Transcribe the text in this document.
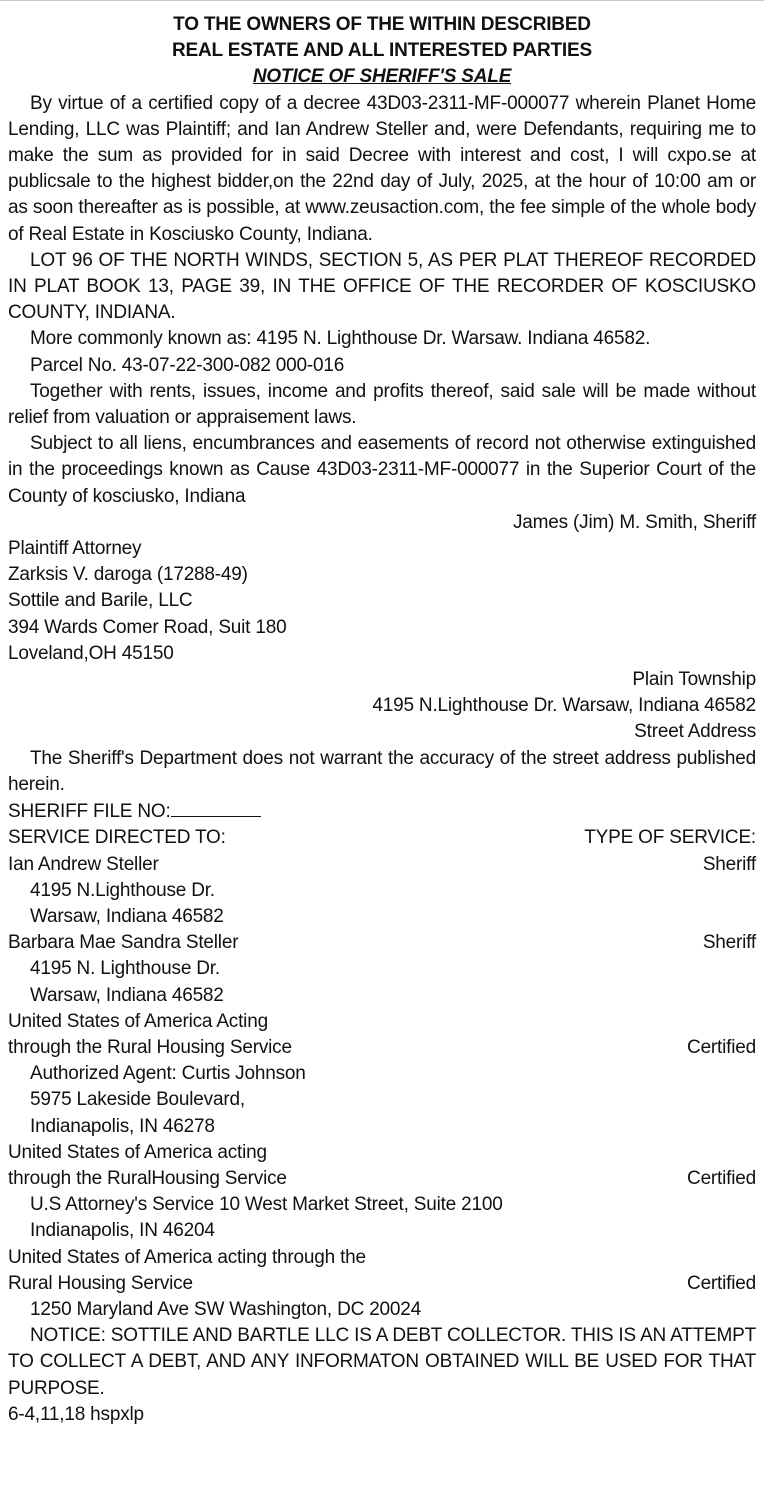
TO THE OWNERS OF THE WITHIN DESCRIBED
REAL ESTATE AND ALL INTERESTED PARTIES
NOTICE OF SHERIFF'S SALE
By virtue of a certified copy of a decree 43D03-2311-MF-000077 wherein Planet Home Lending, LLC was Plaintiff; and Ian Andrew Steller and, were Defendants, requiring me to make the sum as provided for in said Decree with interest and cost, I will cxpo.se at publicsale to the highest bidder,on the 22nd day of July, 2025, at the hour of 10:00 am or as soon thereafter as is possible, at www.zeusaction.com, the fee simple of the whole body of Real Estate in Kosciusko County, Indiana.
LOT 96 OF THE NORTH WINDS, SECTION 5, AS PER PLAT THEREOF RECORDED IN PLAT BOOK 13, PAGE 39, IN THE OFFICE OF THE RECORDER OF KOSCIUSKO COUNTY, INDIANA.
More commonly known as: 4195 N. Lighthouse Dr. Warsaw. Indiana 46582.
Parcel No. 43-07-22-300-082 000-016
Together with rents, issues, income and profits thereof, said sale will be made without relief from valuation or appraisement laws.
Subject to all liens, encumbrances and easements of record not otherwise extinguished in the proceedings known as Cause 43D03-2311-MF-000077 in the Superior Court of the County of kosciusko, Indiana
James (Jim) M. Smith, Sheriff
Plaintiff Attorney
Zarksis V. daroga (17288-49)
Sottile and Barile, LLC
394 Wards Comer Road, Suit 180
Loveland,OH 45150
Plain Township
4195 N.Lighthouse Dr. Warsaw, Indiana 46582
Street Address
The Sheriff's Department does not warrant the accuracy of the street address published herein.
SHERIFF FILE NO:
SERVICE DIRECTED TO:	TYPE OF SERVICE:
Ian Andrew Steller	Sheriff
4195 N.Lighthouse Dr.
Warsaw, Indiana 46582
Barbara Mae Sandra Steller	Sheriff
4195 N. Lighthouse Dr.
Warsaw, Indiana 46582
United States of America Acting
through the Rural Housing Service	Certified
Authorized Agent: Curtis Johnson
5975 Lakeside Boulevard,
Indianapolis, IN 46278
United States of America acting
through the RuralHousing Service	Certified
U.S Attorney's Service 10 West Market Street, Suite 2100
Indianapolis, IN 46204
United States of America acting through the
Rural Housing Service	Certified
1250 Maryland Ave SW Washington, DC 20024
NOTICE: SOTTILE AND BARTLE LLC IS A DEBT COLLECTOR. THIS IS AN ATTEMPT TO COLLECT A DEBT, AND ANY INFORMATON OBTAINED WILL BE USED FOR THAT PURPOSE.
6-4,11,18 hspxlp
